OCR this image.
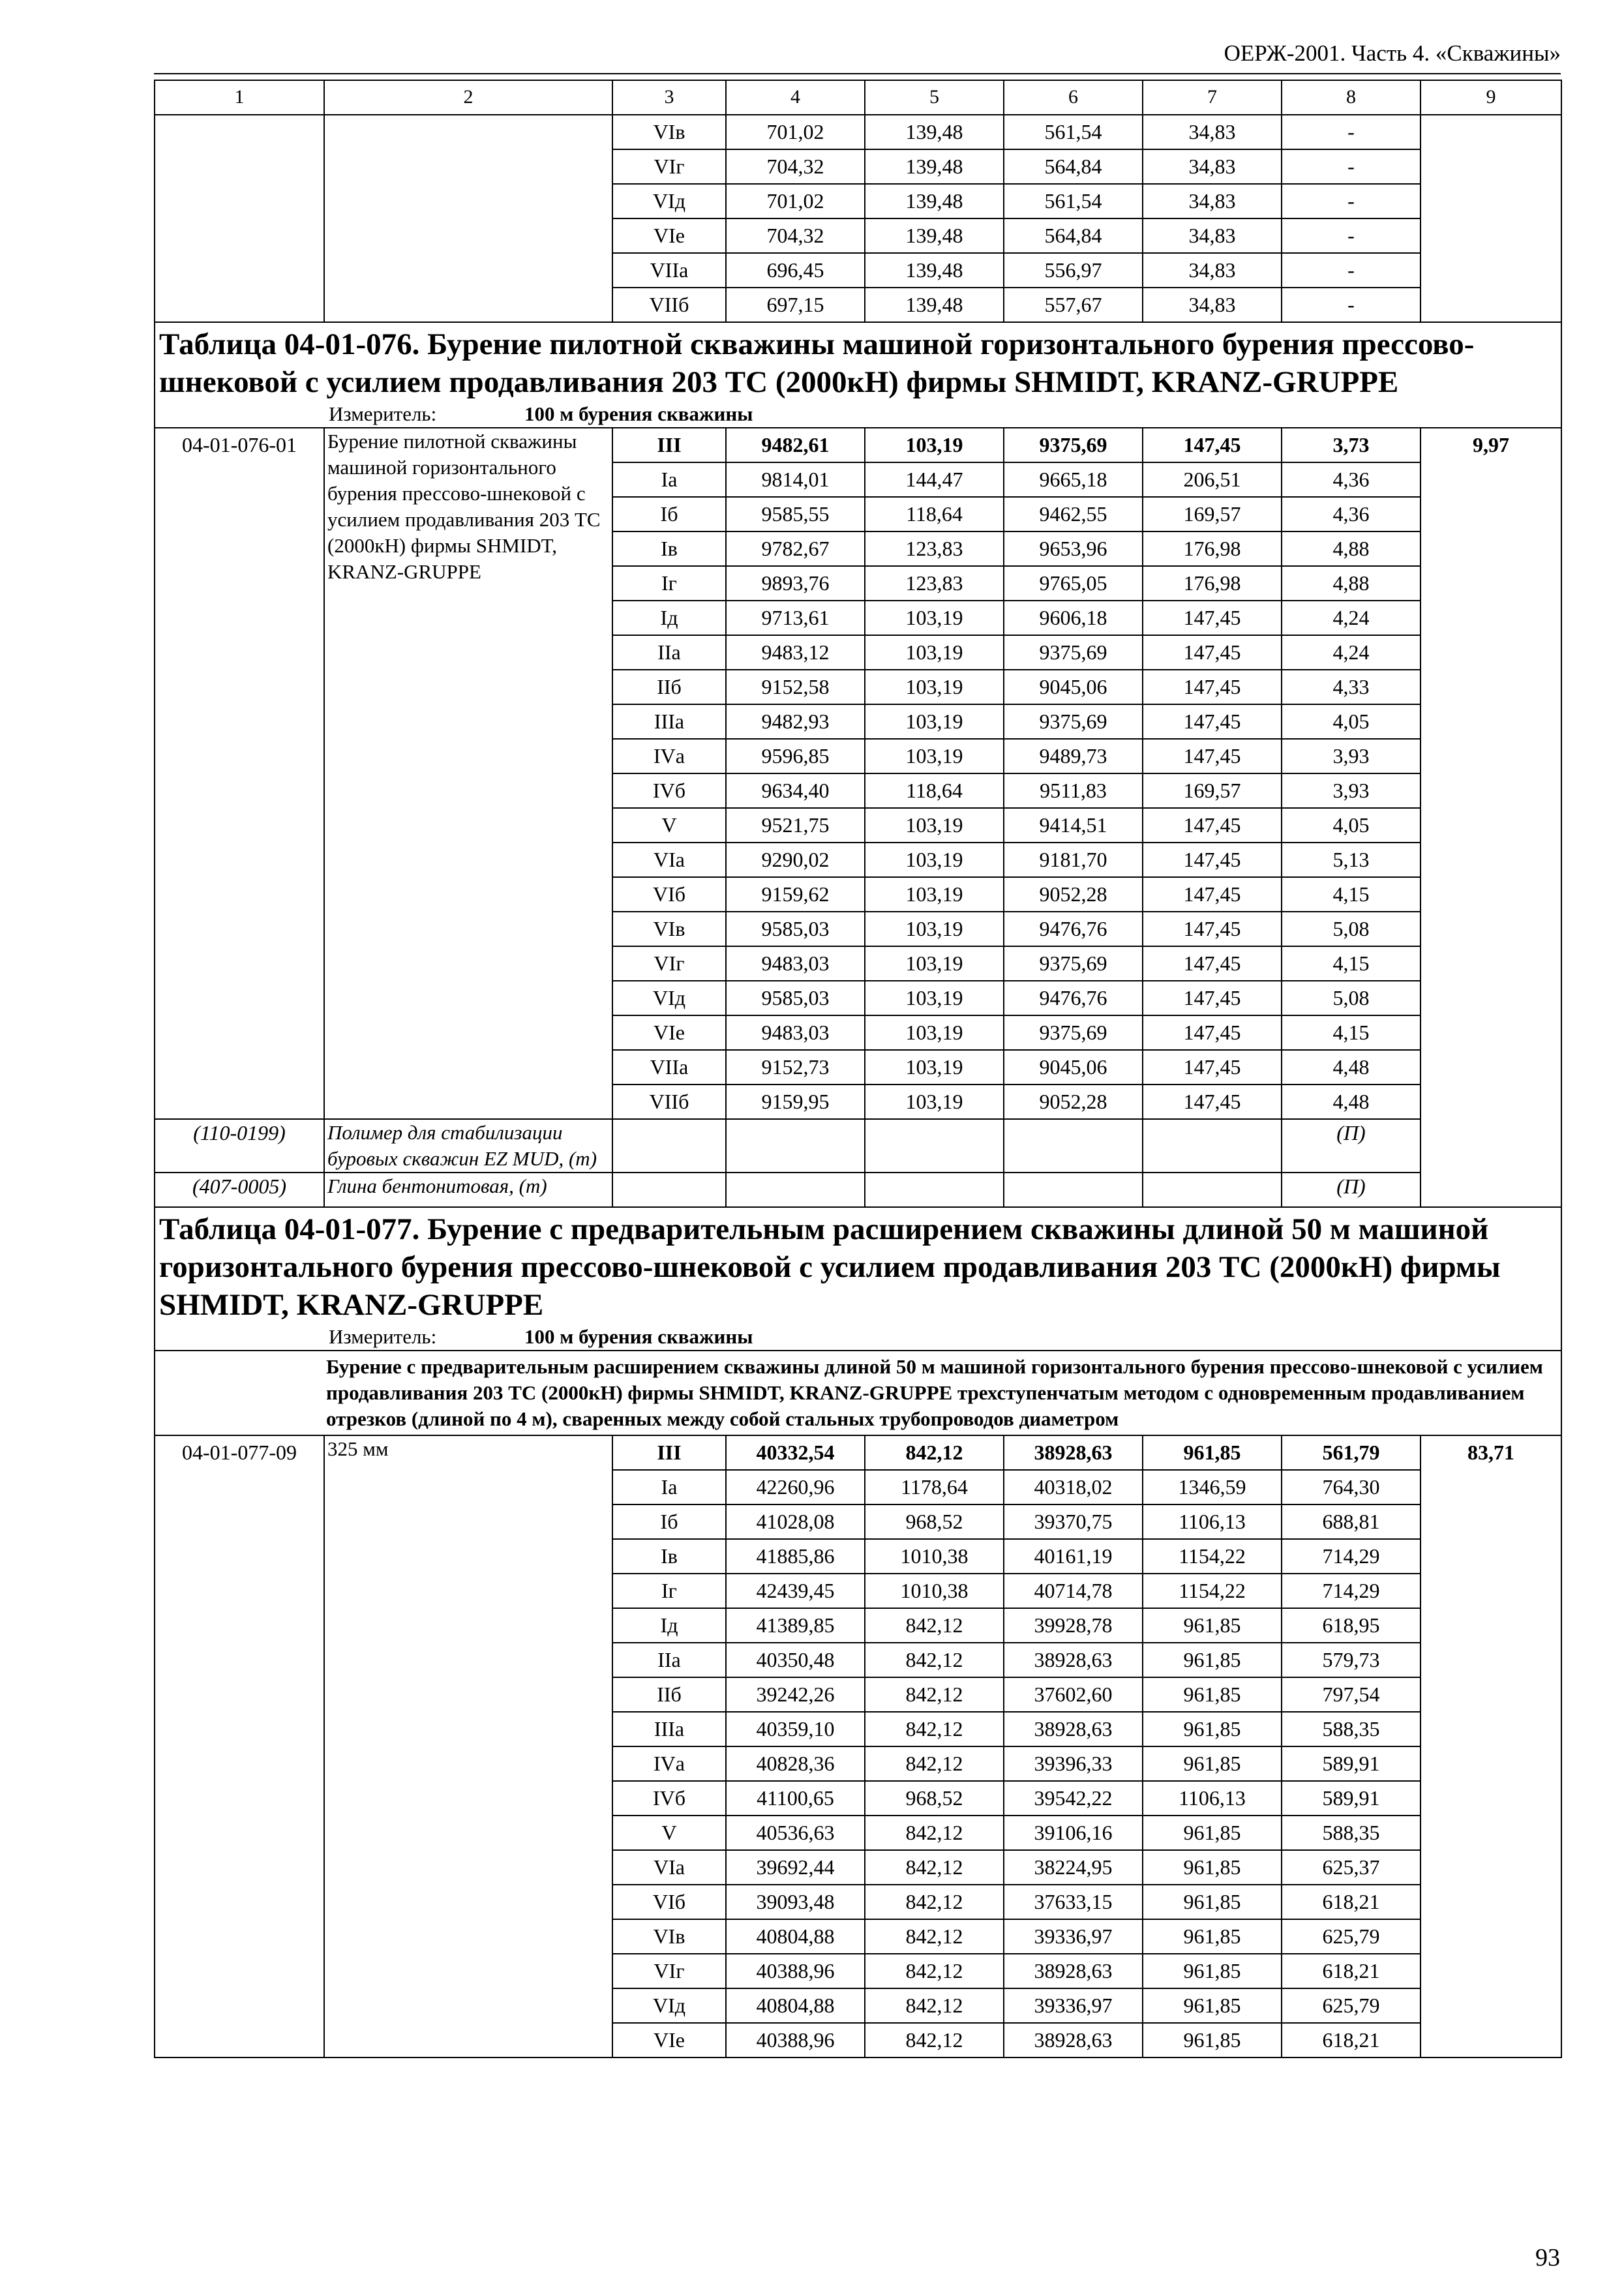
ОЕРЖ-2001. Часть 4. «Скважины»
1	2	3	4	5	6	7	8	9
		VIв	701,02	139,48	561,54	34,83	-	
		VIг	704,32	139,48	564,84	34,83	-	
		VIд	701,02	139,48	561,54	34,83	-	
		VIе	704,32	139,48	564,84	34,83	-	
		VIIа	696,45	139,48	556,97	34,83	-	
		VIIб	697,15	139,48	557,67	34,83	-	

Таблица 04-01-076. Бурение пилотной скважины машиной горизонтального бурения прессово-шнековой с усилием продавливания 203 ТС (2000кН) фирмы SHMIDT, KRANZ-GRUPPE
Измеритель: 100 м бурения скважины								

04-01-076-01	Бурение пилотной скважины машиной горизонтального бурения прессово-шнековой с усилием продавливания 203 ТС (2000кН) фирмы SHMIDT, KRANZ-GRUPPE	III	9482,61	103,19	9375,69	147,45	3,73	9,97
		Iа	9814,01	144,47	9665,18	206,51	4,36	
		Iб	9585,55	118,64	9462,55	169,57	4,36	
		Iв	9782,67	123,83	9653,96	176,98	4,88	
		Iг	9893,76	123,83	9765,05	176,98	4,88	
		Iд	9713,61	103,19	9606,18	147,45	4,24	
		IIа	9483,12	103,19	9375,69	147,45	4,24	
		IIб	9152,58	103,19	9045,06	147,45	4,33	
		IIIа	9482,93	103,19	9375,69	147,45	4,05	
		IVа	9596,85	103,19	9489,73	147,45	3,93	
		IVб	9634,40	118,64	9511,83	169,57	3,93	
		V	9521,75	103,19	9414,51	147,45	4,05	
		VIа	9290,02	103,19	9181,70	147,45	5,13	
		VIб	9159,62	103,19	9052,28	147,45	4,15	
		VIв	9585,03	103,19	9476,76	147,45	5,08	
		VIг	9483,03	103,19	9375,69	147,45	4,15	
		VIд	9585,03	103,19	9476,76	147,45	5,08	
		VIе	9483,03	103,19	9375,69	147,45	4,15	
		VIIа	9152,73	103,19	9045,06	147,45	4,48	
		VIIб	9159,95	103,19	9052,28	147,45	4,48	
(110-0199)	Полимер для стабилизации буровых скважин EZ MUD, (т)						(П)	
(407-0005)	Глина бентонитовая, (т)						(П)	

Таблица 04-01-077. Бурение с предварительным расширением скважины длиной 50 м машиной горизонтального бурения прессово-шнековой с усилием продавливания 203 ТС (2000кН) фирмы SHMIDT, KRANZ-GRUPPE
Измеритель: 100 м бурения скважины								

Бурение с предварительным расширением скважины длиной 50 м машиной горизонтального бурения прессово-шнековой с усилием продавливания 203 ТС (2000кН) фирмы SHMIDT, KRANZ-GRUPPE трехступенчатым методом с одновременным продавливанием отрезков (длиной по 4 м), сваренных между собой стальных трубопроводов диаметром								
04-01-077-09	325 мм	III	40332,54	842,12	38928,63	961,85	561,79	83,71
		Iа	42260,96	1178,64	40318,02	1346,59	764,30	
		Iб	41028,08	968,52	39370,75	1106,13	688,81	
		Iв	41885,86	1010,38	40161,19	1154,22	714,29	
		Iг	42439,45	1010,38	40714,78	1154,22	714,29	
		Iд	41389,85	842,12	39928,78	961,85	618,95	
		IIа	40350,48	842,12	38928,63	961,85	579,73	
		IIб	39242,26	842,12	37602,60	961,85	797,54	
		IIIа	40359,10	842,12	38928,63	961,85	588,35	
		IVа	40828,36	842,12	39396,33	961,85	589,91	
		IVб	41100,65	968,52	39542,22	1106,13	589,91	
		V	40536,63	842,12	39106,16	961,85	588,35	
		VIа	39692,44	842,12	38224,95	961,85	625,37	
		VIб	39093,48	842,12	37633,15	961,85	618,21	
		VIв	40804,88	842,12	39336,97	961,85	625,79	
		VIг	40388,96	842,12	38928,63	961,85	618,21	
		VIд	40804,88	842,12	39336,97	961,85	625,79	
		VIе	40388,96	842,12	38928,63	961,85	618,21	
93
